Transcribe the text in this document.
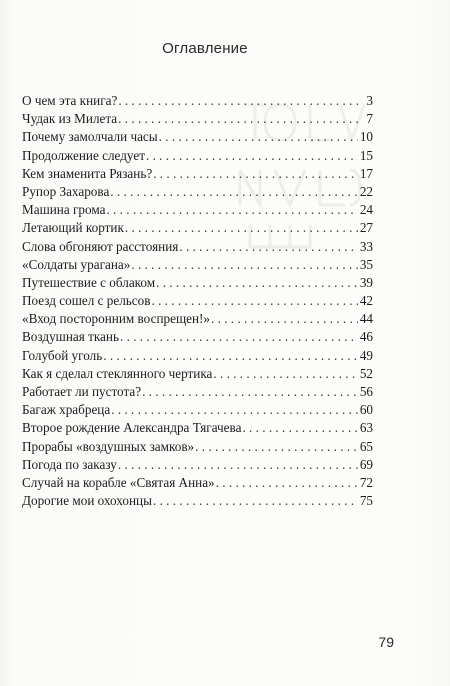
Оглавление
О чем эта книга? . . .	3
Чудак из Милета . . .	7
Почему замолчали часы . . .	10
Продолжение следует . . .	15
Кем знаменита Рязань? . . .	17
Рупор Захарова . . .	22
Машина грома . . .	24
Летающий кортик . . .	27
Слова обгоняют расстояния . . .	33
«Солдаты урагана» . . .	35
Путешествие с облаком . . .	39
Поезд сошел с рельсов . . .	42
«Вход посторонним воспрещен!» . . .	44
Воздушная ткань . . .	46
Голубой уголь . . .	49
Как я сделал стеклянного чертика . . .	52
Работает ли пустота? . . .	56
Багаж храбреца . . .	60
Второе рождение Александра Тягачева . . .	63
Прорабы «воздушных замков» . . .	65
Погода по заказу . . .	69
Случай на корабле «Святая Анна» . . .	72
Дорогие мои охохонцы . . .	75
79
